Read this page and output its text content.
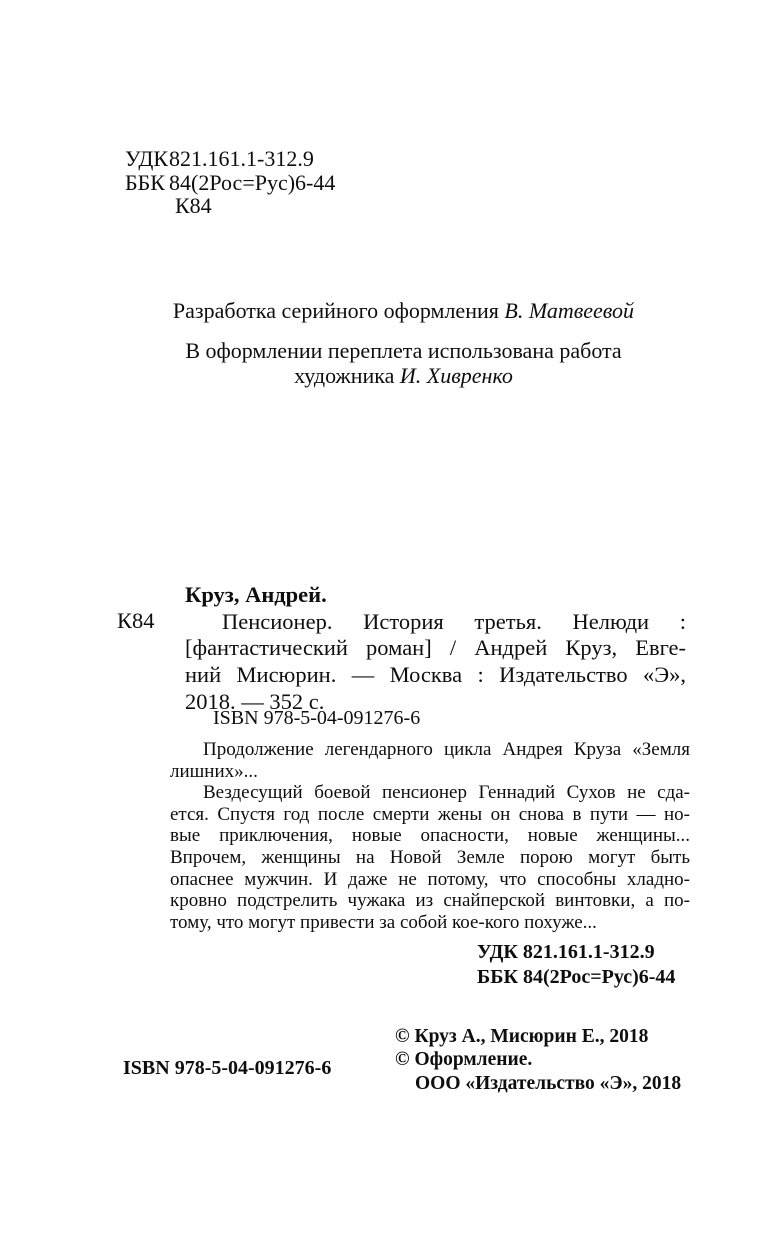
УДК 821.161.1-312.9
ББК 84(2Рос=Рус)6-44
К84
Разработка серийного оформления В. Матвеевой
В оформлении переплета использована работа
художника И. Хивренко
К84
Круз, Андрей.
Пенсионер. История третья. Нелюди :
[фантастический роман] / Андрей Круз, Евге-
ний Мисюрин. — Москва : Издательство «Э»,
2018. — 352 с.
ISBN 978-5-04-091276-6
Продолжение легендарного цикла Андрея Круза «Земля
лишних»...
Вездесущий боевой пенсионер Геннадий Сухов не сда-
ется. Спустя год после смерти жены он снова в пути — но-
вые приключения, новые опасности, новые женщины...
Впрочем, женщины на Новой Земле порою могут быть
опаснее мужчин. И даже не потому, что способны хладно-
кровно подстрелить чужака из снайперской винтовки, а по-
тому, что могут привести за собой кое-кого похуже...
УДК 821.161.1-312.9
ББК 84(2Рос=Рус)6-44
ISBN 978-5-04-091276-6
© Круз А., Мисюрин Е., 2018
© Оформление.
ООО «Издательство «Э», 2018
